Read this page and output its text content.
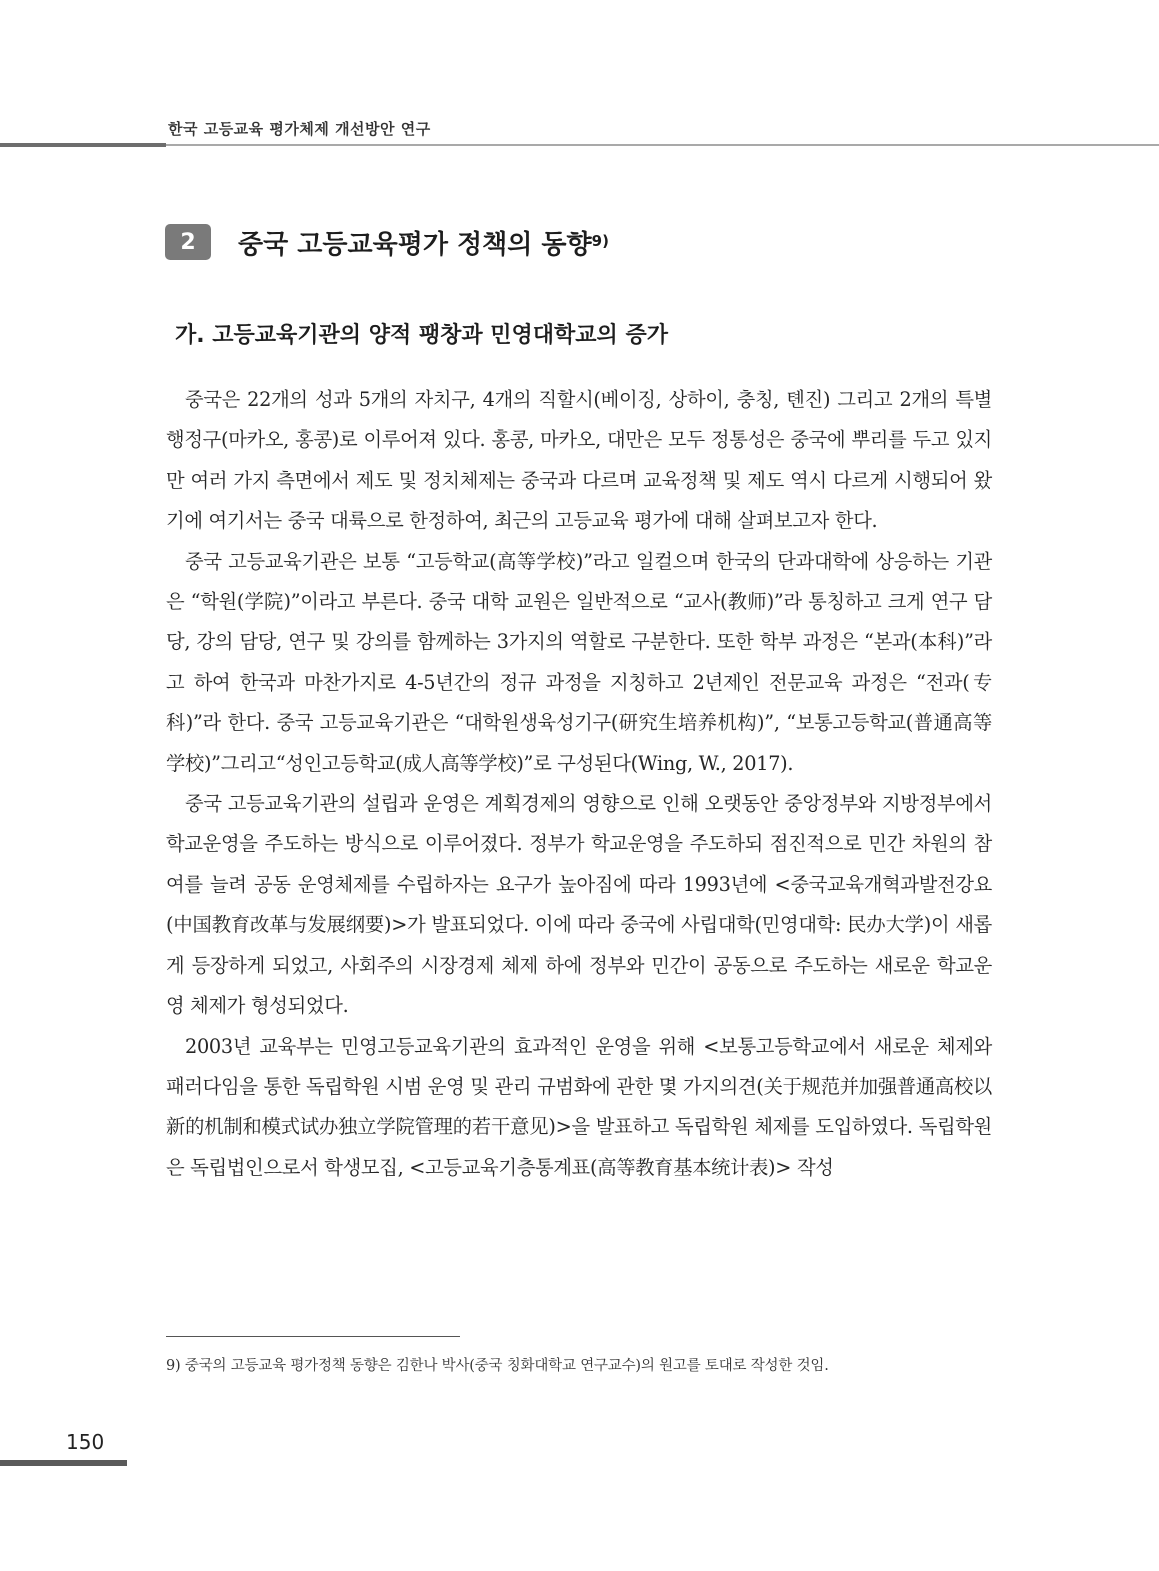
한국 고등교육 평가체제 개선방안 연구
2	중국 고등교육평가 정책의 동향$^{9)}$
가. 고등교육기관의 양적 팽창과 민영대학교의 증가

중국은 22개의 성과 5개의 자치구, 4개의 직할시(베이징, 상하이, 충칭, 톈진) 그리고 2개의 특별행정구(마카오, 홍콩)로 이루어져 있다. 홍콩, 마카오, 대만은 모두 정통성은 중국에 뿌리를 두고 있지만 여러 가지 측면에서 제도 및 정치체제는 중국과 다르며 교육정책 및 제도 역시 다르게 시행되어 왔기에 여기서는 중국 대륙으로 한정하여, 최근의 고등교육 평가에 대해 살펴보고자 한다.

중국 고등교육기관은 보통 “고등학교(高等学校)”라고 일컬으며 한국의 단과대학에 상응하는 기관은 “학원(学院)”이라고 부른다. 중국 대학 교원은 일반적으로 “교사(教师)”라 통칭하고 크게 연구 담당, 강의 담당, 연구 및 강의를 함께하는 3가지의 역할로 구분한다. 또한 학부 과정은 “본과(本科)”라고 하여 한국과 마찬가지로 4-5년간의 정규 과정을 지칭하고 2년제인 전문교육 과정은 “전과(专科)”라 한다. 중국 고등교육기관은 “대학원생육성기구(研究生培养机构)”, “보통고등학교(普通高等学校)”그리고“성인고등학교(成人高等学校)”로 구성된다(Wing, W., 2017).

중국 고등교육기관의 설립과 운영은 계획경제의 영향으로 인해 오랫동안 중앙정부와 지방정부에서 학교운영을 주도하는 방식으로 이루어졌다. 정부가 학교운영을 주도하되 점진적으로 민간 차원의 참여를 늘려 공동 운영체제를 수립하자는 요구가 높아짐에 따라 1993년에 <중국교육개혁과발전강요(中国教育改革与发展纲要)>가 발표되었다. 이에 따라 중국에 사립대학(민영대학: 民办大学)이 새롭게 등장하게 되었고, 사회주의 시장경제 체제 하에 정부와 민간이 공동으로 주도하는 새로운 학교운영 체제가 형성되었다.

2003년 교육부는 민영고등교육기관의 효과적인 운영을 위해 <보통고등학교에서 새로운 체제와 패러다임을 통한 독립학원 시범 운영 및 관리 규범화에 관한 몇 가지의견(关于规范并加强普通高校以新的机制和模式试办独立学院管理的若干意见)>을 발표하고 독립학원 체제를 도입하였다. 독립학원은 독립법인으로서 학생모집, <고등교육기층통계표(高等教育基本统计表)> 작성

9) 중국의 고등교육 평가정책 동향은 김한나 박사(중국 칭화대학교 연구교수)의 원고를 토대로 작성한 것임.
150
